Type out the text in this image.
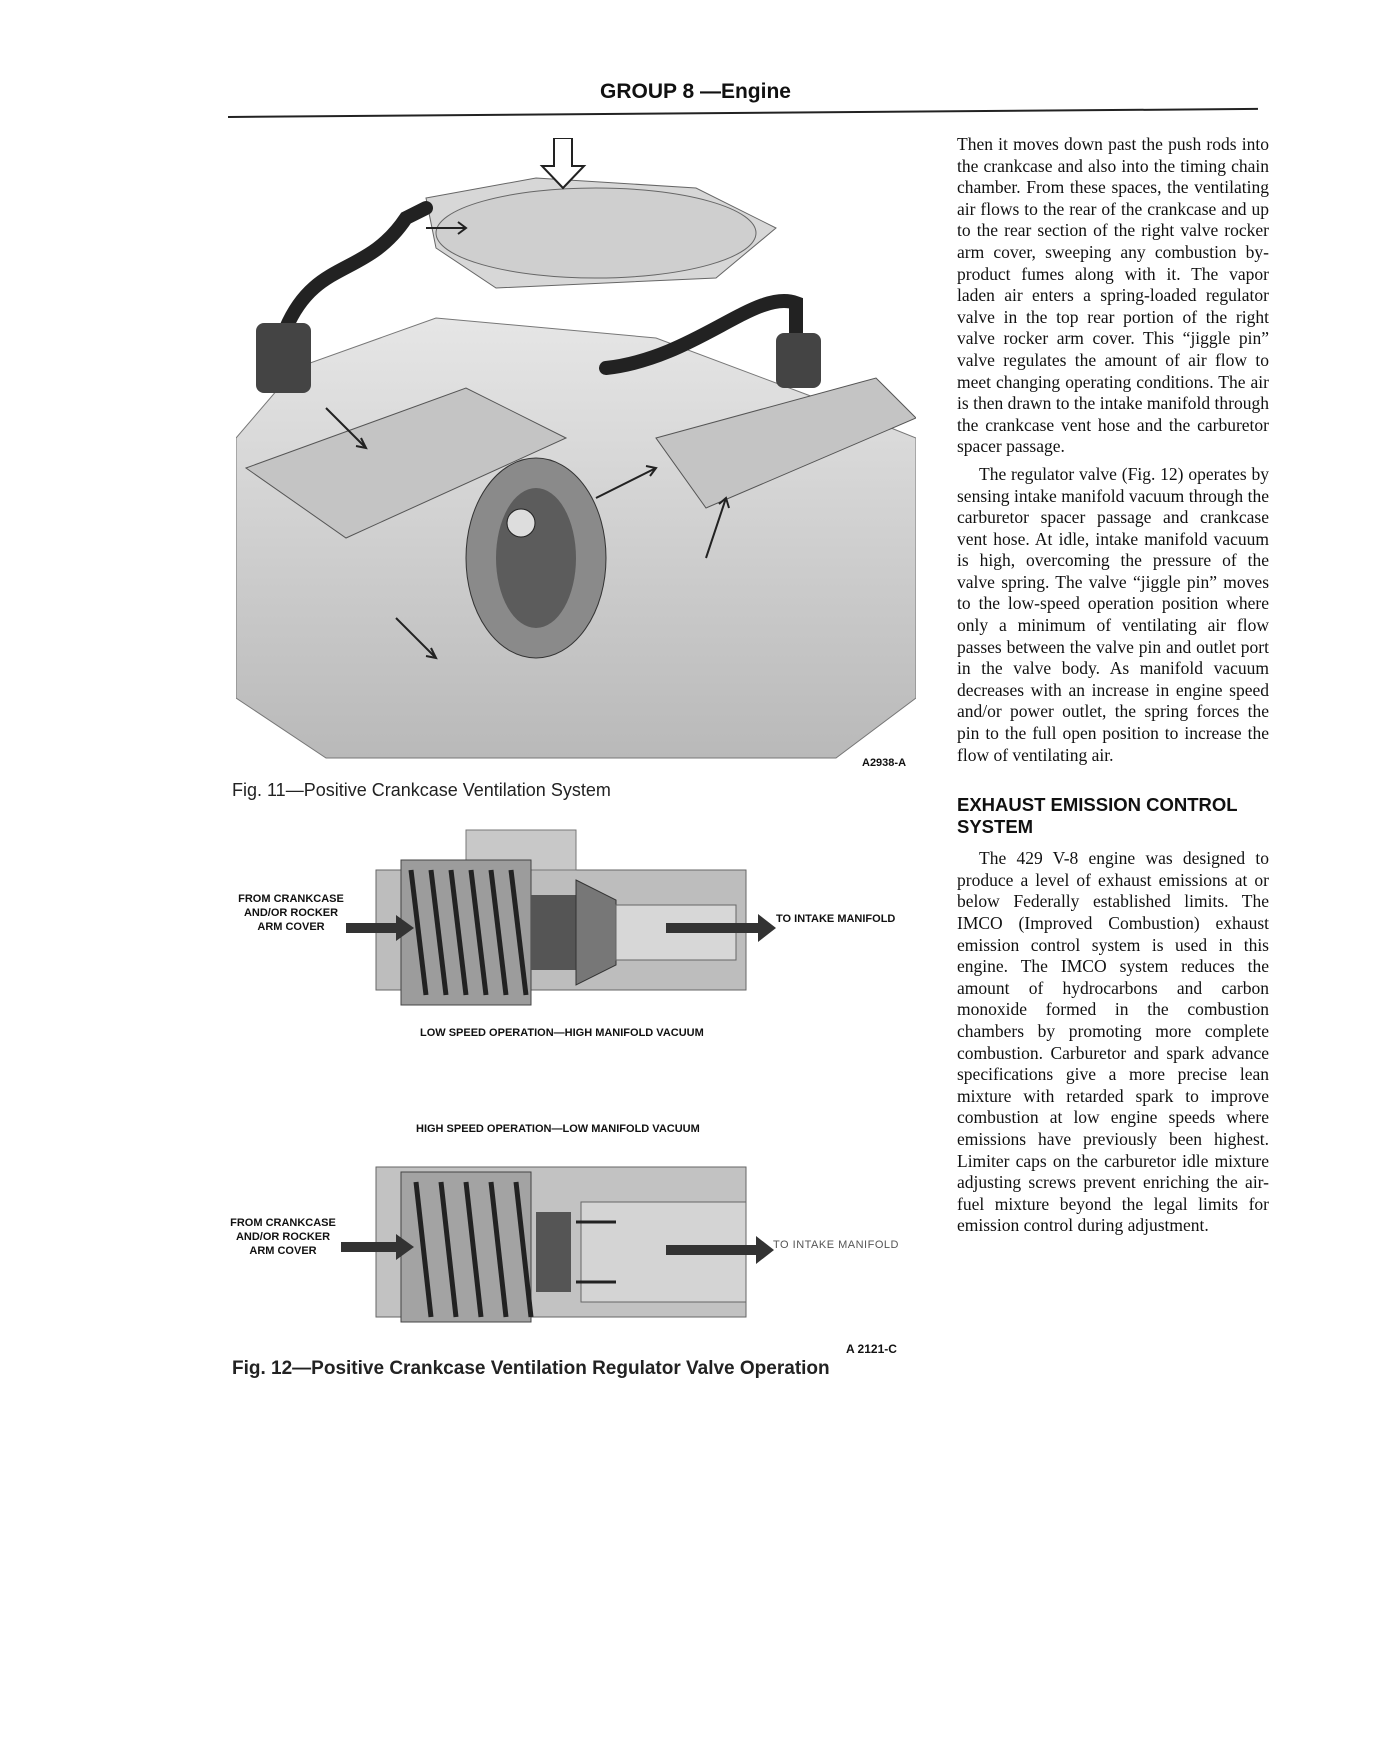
GROUP 8 —Engine
A2938-A
Fig. 11—Positive Crankcase Ventilation System
FROM CRANKCASE AND/OR ROCKER ARM COVER
TO INTAKE MANIFOLD
LOW SPEED OPERATION—HIGH MANIFOLD VACUUM
HIGH SPEED OPERATION—LOW MANIFOLD VACUUM
FROM CRANKCASE AND/OR ROCKER ARM COVER	TO INTAKE MANIFOLD
A 2121-C
Fig. 12—Positive Crankcase Ventilation Regulator Valve Operation

Then it moves down past the push rods into the crankcase and also into the timing chain chamber. From these spaces, the ventilating air flows to the rear of the crankcase and up to the rear section of the right valve rocker arm cover, sweeping any combustion by-product fumes along with it. The vapor laden air enters a spring-loaded regulator valve in the top rear portion of the right valve rocker arm cover. This “jiggle pin” valve regulates the amount of air flow to meet changing operating conditions. The air is then drawn to the intake manifold through the crankcase vent hose and the carburetor spacer passage.

The regulator valve (Fig. 12) operates by sensing intake manifold vacuum through the carburetor spacer passage and crankcase vent hose. At idle, intake manifold vacuum is high, overcoming the pressure of the valve spring. The valve “jiggle pin” moves to the low-speed operation position where only a minimum of ventilating air flow passes between the valve pin and outlet port in the valve body. As manifold vacuum decreases with an increase in engine speed and/or power outlet, the spring forces the pin to the full open position to increase the flow of ventilating air.

EXHAUST EMISSION CONTROL SYSTEM

The 429 V-8 engine was designed to produce a level of exhaust emissions at or below Federally established limits. The IMCO (Improved Combustion) exhaust emission control system is used in this engine. The IMCO system reduces the amount of hydrocarbons and carbon monoxide formed in the combustion chambers by promoting more complete combustion. Carburetor and spark advance specifications give a more precise lean mixture with retarded spark to improve combustion at low engine speeds where emissions have previously been highest. Limiter caps on the carburetor idle mixture adjusting screws prevent enriching the air-fuel mixture beyond the legal limits for emission control during adjustment.
